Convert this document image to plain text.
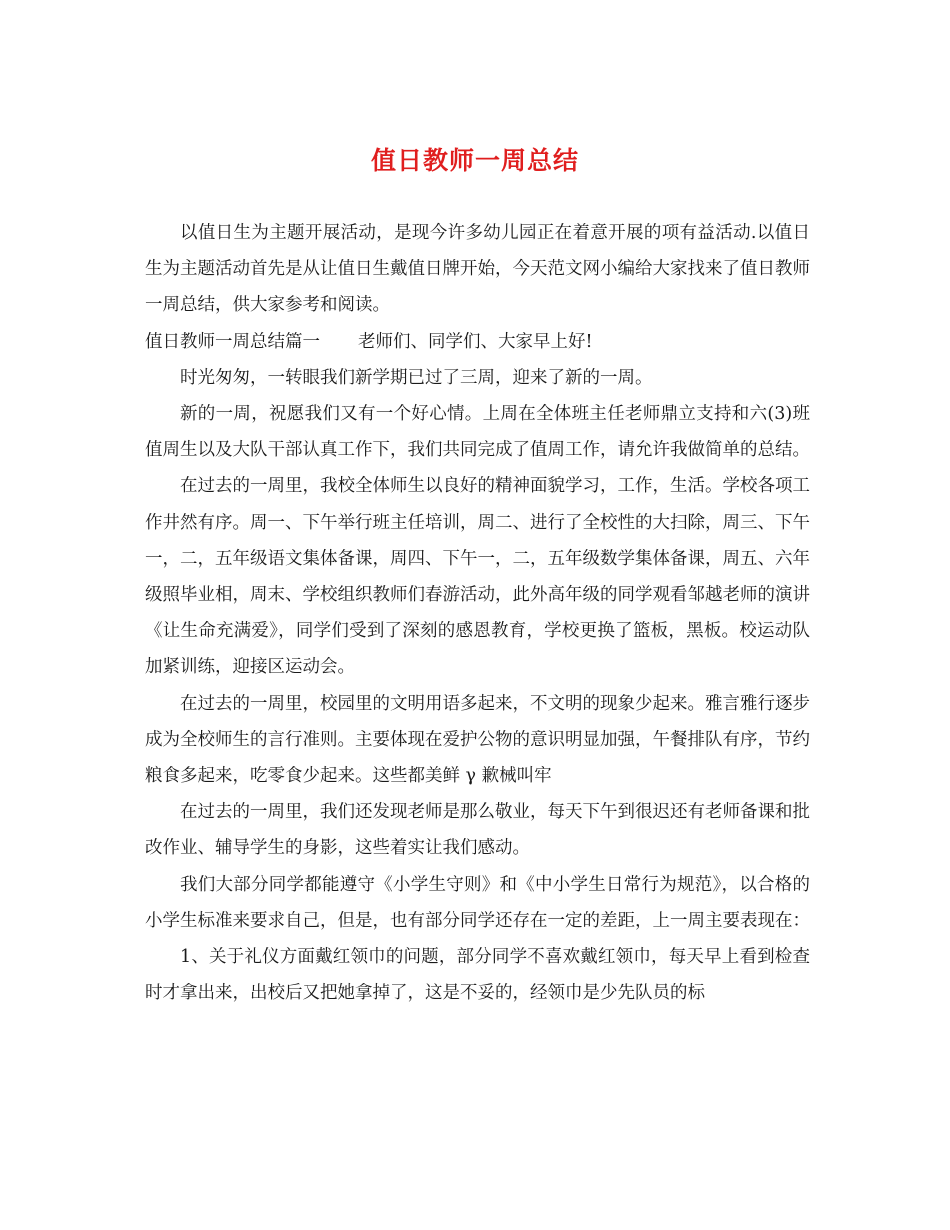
值日教师一周总结

以值日生为主题开展活动，是现今许多幼儿园正在着意开展的项有益活动.以值日生为主题活动首先是从让值日生戴值日牌开始，今天范文网小编给大家找来了值日教师一周总结，供大家参考和阅读。

值日教师一周总结篇一 老师们、同学们、大家早上好!

时光匆匆，一转眼我们新学期已过了三周，迎来了新的一周。

新的一周，祝愿我们又有一个好心情。上周在全体班主任老师鼎立支持和六(3)班值周生以及大队干部认真工作下，我们共同完成了值周工作，请允许我做简单的总结。

在过去的一周里，我校全体师生以良好的精神面貌学习，工作，生活。学校各项工作井然有序。周一、下午举行班主任培训，周二、进行了全校性的大扫除，周三、下午一，二，五年级语文集体备课，周四、下午一，二，五年级数学集体备课，周五、六年级照毕业相，周末、学校组织教师们春游活动，此外高年级的同学观看邹越老师的演讲《让生命充满爱》，同学们受到了深刻的感恩教育，学校更换了篮板，黑板。校运动队加紧训练，迎接区运动会。

在过去的一周里，校园里的文明用语多起来，不文明的现象少起来。雅言雅行逐步成为全校师生的言行准则。主要体现在爱护公物的意识明显加强，午餐排队有序，节约粮食多起来，吃零食少起来。这些都美鲜 γ 歉械叫牢

在过去的一周里，我们还发现老师是那么敬业，每天下午到很迟还有老师备课和批改作业、辅导学生的身影，这些着实让我们感动。

我们大部分同学都能遵守《小学生守则》和《中小学生日常行为规范》，以合格的小学生标准来要求自己，但是，也有部分同学还存在一定的差距，上一周主要表现在：

1、关于礼仪方面戴红领巾的问题，部分同学不喜欢戴红领巾，每天早上看到检查时才拿出来，出校后又把她拿掉了，这是不妥的，经领巾是少先队员的标
